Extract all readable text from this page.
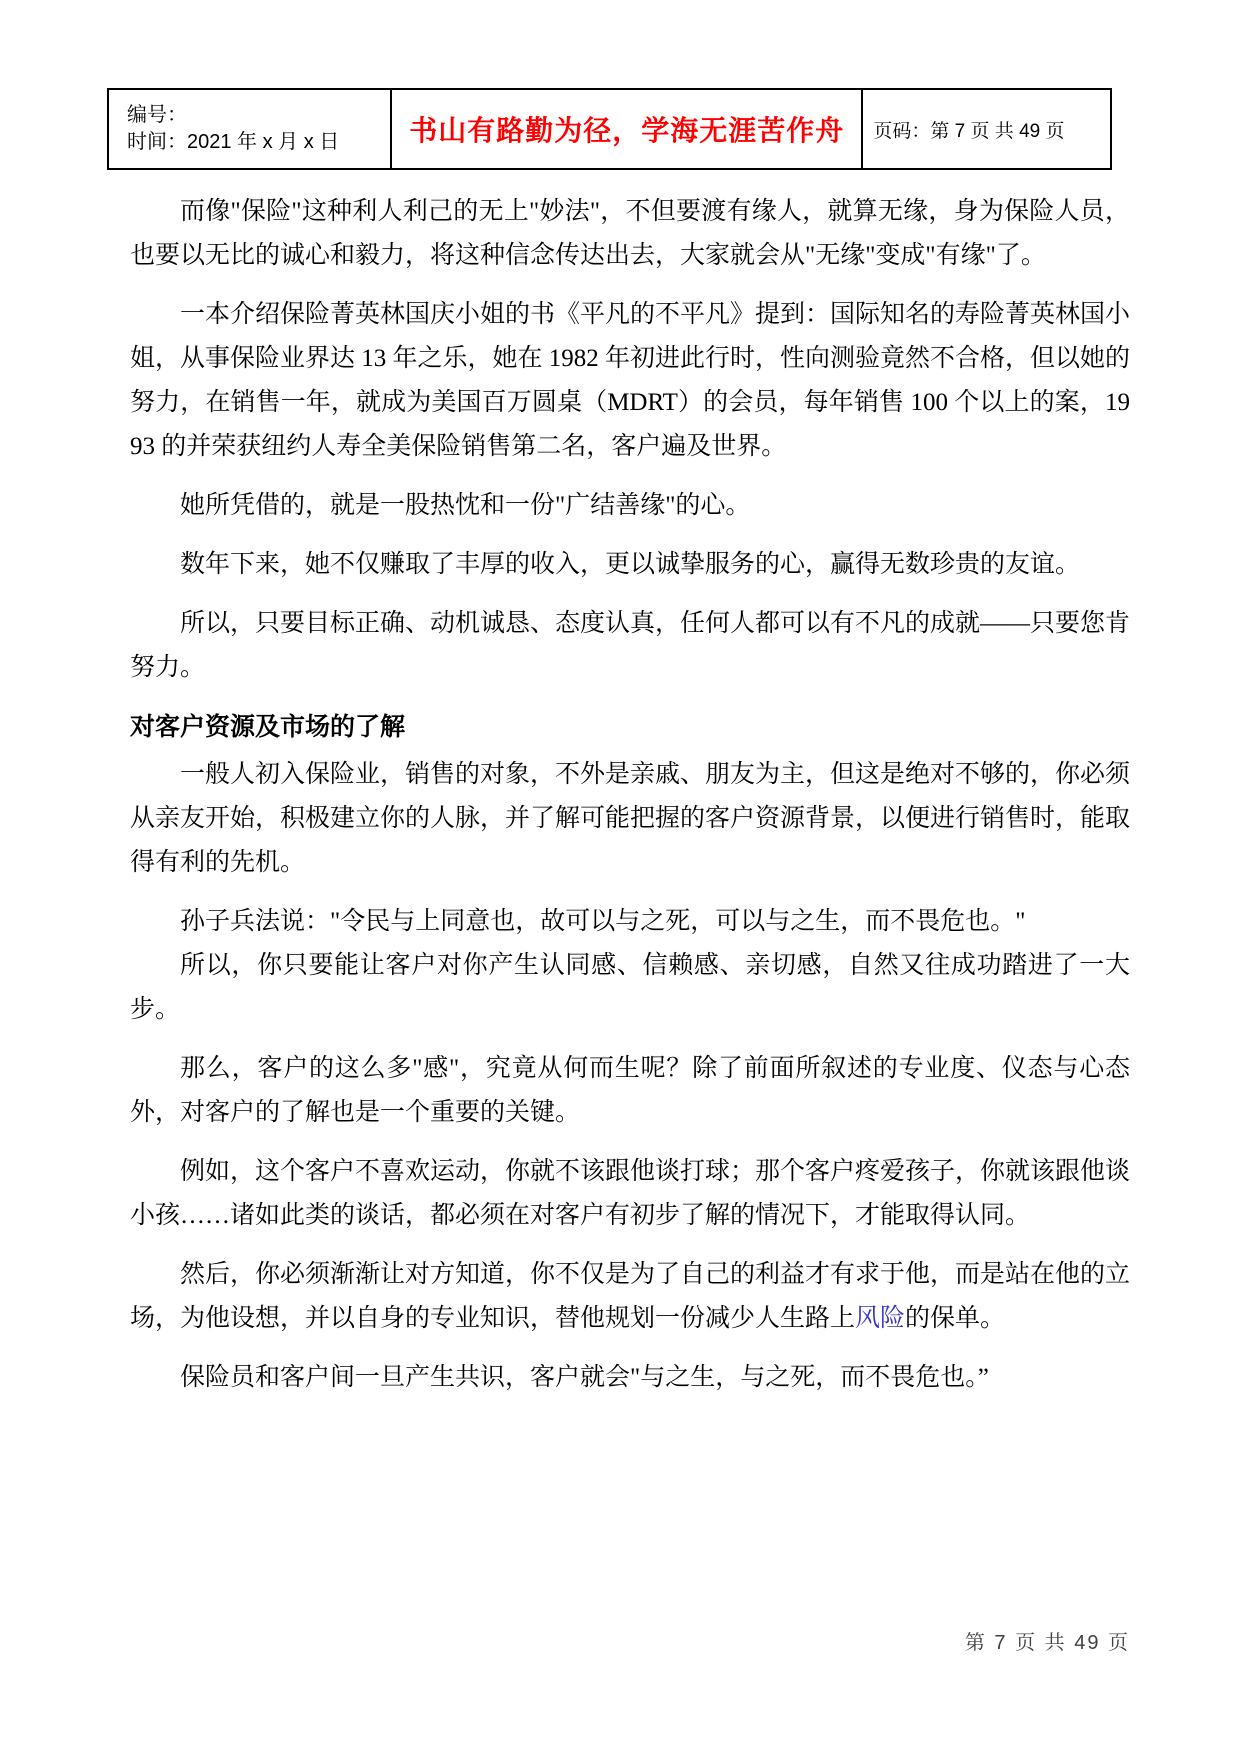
编号：
时间：2021 年 x 月 x 日	书山有路勤为径，学海无涯苦作舟	页码：第 7 页 共 49 页

而像"保险"这种利人利己的无上"妙法"，不但要渡有缘人，就算无缘，身为保险人员，也要以无比的诚心和毅力，将这种信念传达出去，大家就会从"无缘"变成"有缘"了。

一本介绍保险菁英林国庆小姐的书《平凡的不平凡》提到：国际知名的寿险菁英林国小姐，从事保险业界达 13 年之乐，她在 1982 年初进此行时，性向测验竟然不合格，但以她的努力，在销售一年，就成为美国百万圆桌（MDRT）的会员，每年销售 100 个以上的案，1993 的并荣获纽约人寿全美保险销售第二名，客户遍及世界。

她所凭借的，就是一股热忱和一份"广结善缘"的心。

数年下来，她不仅赚取了丰厚的收入，更以诚挚服务的心，赢得无数珍贵的友谊。

所以，只要目标正确、动机诚恳、态度认真，任何人都可以有不凡的成就——只要您肯努力。

对客户资源及市场的了解

一般人初入保险业，销售的对象，不外是亲戚、朋友为主，但这是绝对不够的，你必须从亲友开始，积极建立你的人脉，并了解可能把握的客户资源背景，以便进行销售时，能取得有利的先机。

孙子兵法说："令民与上同意也，故可以与之死，可以与之生，而不畏危也。"

所以，你只要能让客户对你产生认同感、信赖感、亲切感，自然又往成功踏进了一大步。

那么，客户的这么多"感"，究竟从何而生呢？除了前面所叙述的专业度、仪态与心态外，对客户的了解也是一个重要的关键。

例如，这个客户不喜欢运动，你就不该跟他谈打球；那个客户疼爱孩子，你就该跟他谈小孩……诸如此类的谈话，都必须在对客户有初步了解的情况下，才能取得认同。

然后，你必须渐渐让对方知道，你不仅是为了自己的利益才有求于他，而是站在他的立场，为他设想，并以自身的专业知识，替他规划一份减少人生路上风险的保单。

保险员和客户间一旦产生共识，客户就会"与之生，与之死，而不畏危也。”

第 7 页 共 49 页
